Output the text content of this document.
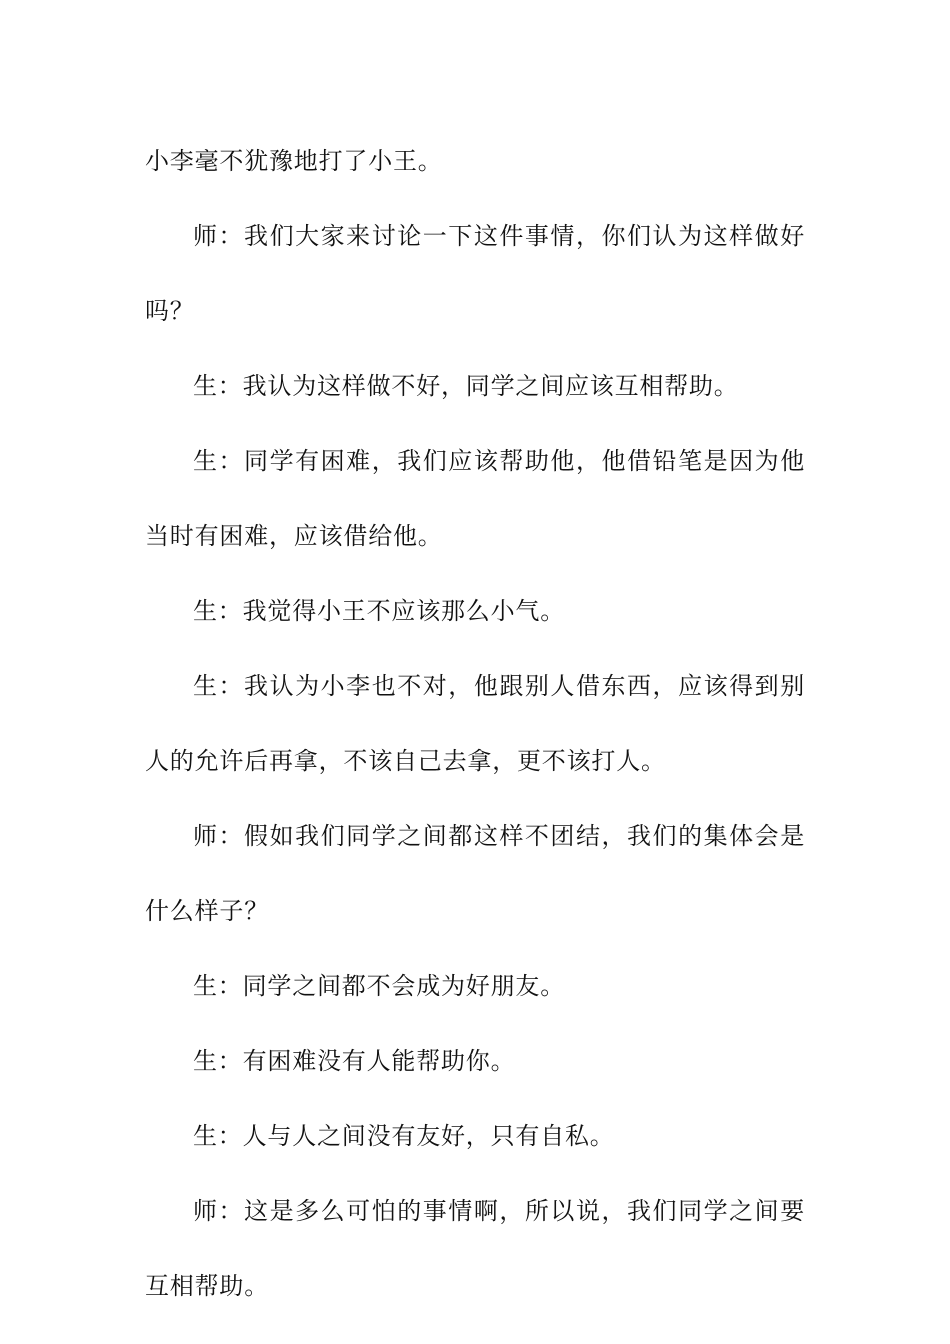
小李毫不犹豫地打了小王。

师：我们大家来讨论一下这件事情，你们认为这样做好吗？

生：我认为这样做不好，同学之间应该互相帮助。

生：同学有困难，我们应该帮助他，他借铅笔是因为他当时有困难，应该借给他。

生：我觉得小王不应该那么小气。

生：我认为小李也不对，他跟别人借东西，应该得到别人的允许后再拿，不该自己去拿，更不该打人。

师：假如我们同学之间都这样不团结，我们的集体会是什么样子？

生：同学之间都不会成为好朋友。

生：有困难没有人能帮助你。

生：人与人之间没有友好，只有自私。

师：这是多么可怕的事情啊，所以说，我们同学之间要互相帮助。
